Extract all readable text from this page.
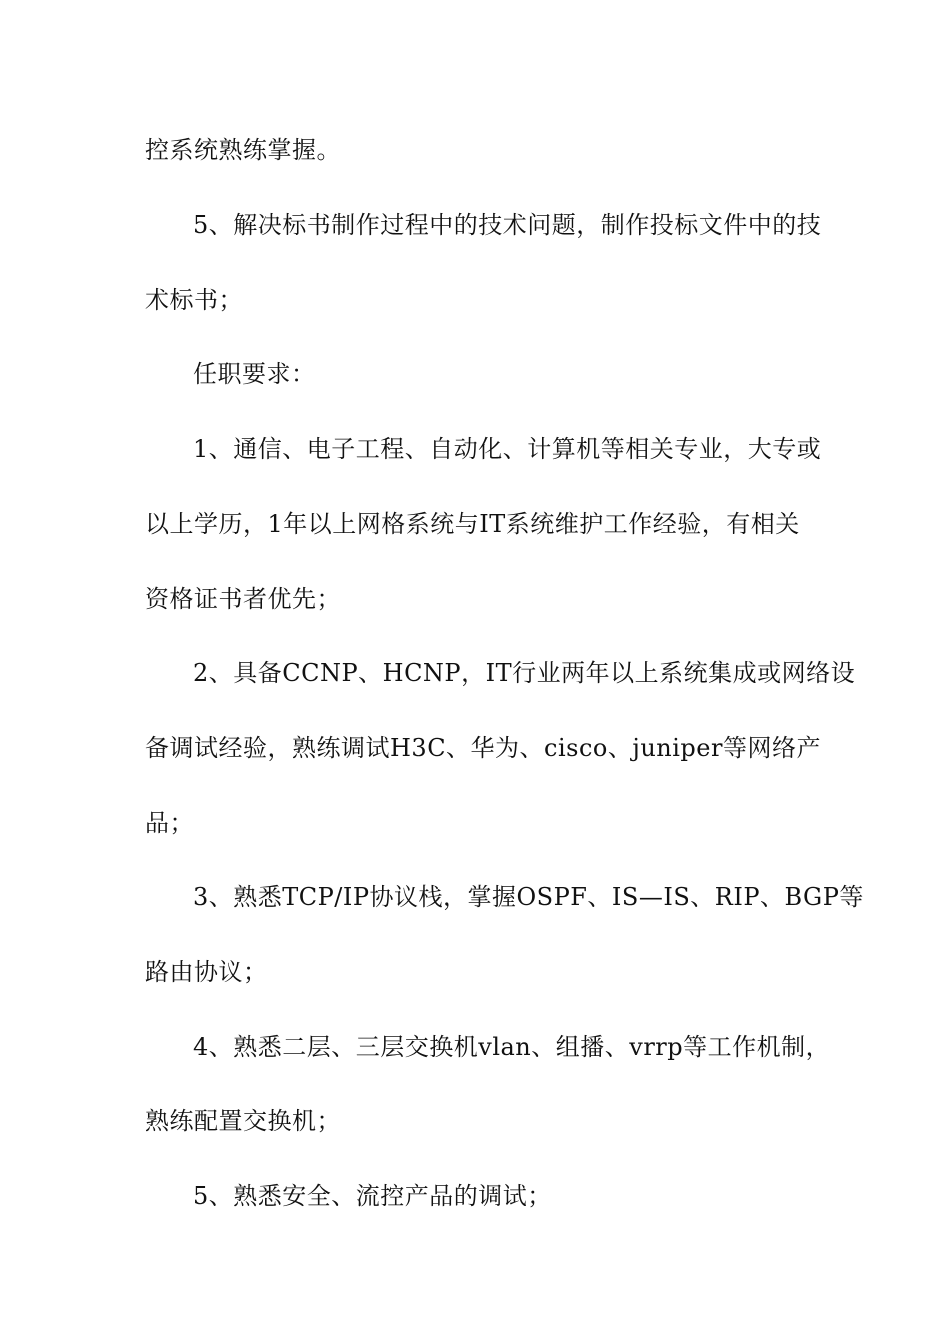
控系统熟练掌握。
5、解决标书制作过程中的技术问题，制作投标文件中的技
术标书；
任职要求：
1、通信、电子工程、自动化、计算机等相关专业，大专或
以上学历，1年以上网格系统与IT系统维护工作经验，有相关
资格证书者优先；
2、具备CCNP、HCNP，IT行业两年以上系统集成或网络设
备调试经验，熟练调试H3C、华为、cisco、juniper等网络产
品；
3、熟悉TCP/IP协议栈，掌握OSPF、IS—IS、RIP、BGP等
路由协议；
4、熟悉二层、三层交换机vlan、组播、vrrp等工作机制，
熟练配置交换机；
5、熟悉安全、流控产品的调试；
